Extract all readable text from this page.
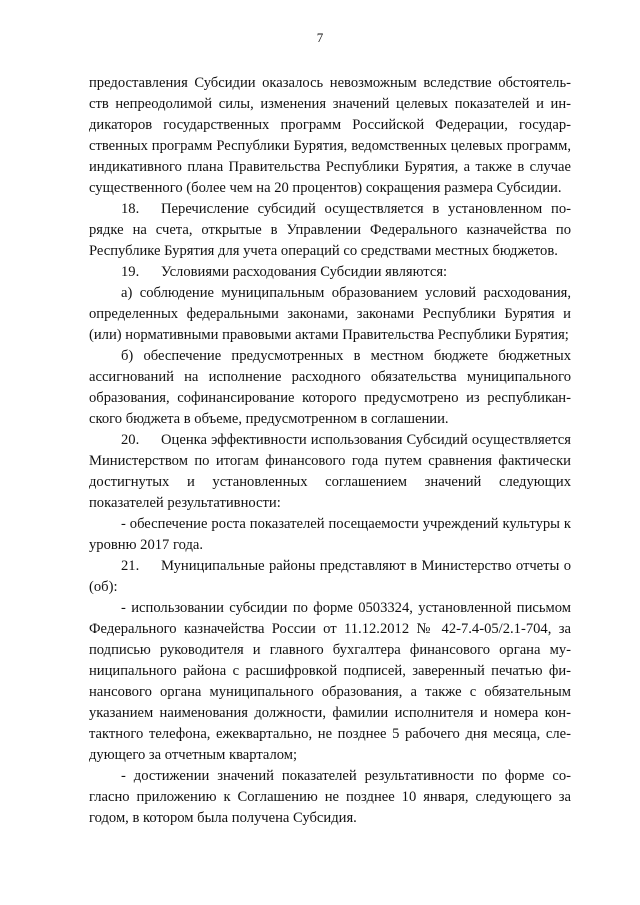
7

предоставления Субсидии оказалось невозможным вследствие обстоятельств непреодолимой силы, изменения значений целевых показателей и индикаторов государственных программ Российской Федерации, государственных программ Республики Бурятия, ведомственных целевых программ, индикативного плана Правительства Республики Бурятия, а также в случае существенного (более чем на 20 процентов) сокращения размера Субсидии.

18. Перечисление субсидий осуществляется в установленном порядке на счета, открытые в Управлении Федерального казначейства по Республике Бурятия для учета операций со средствами местных бюджетов.

19. Условиями расходования Субсидии являются:

а) соблюдение муниципальным образованием условий расходования, определенных федеральными законами, законами Республики Бурятия и (или) нормативными правовыми актами Правительства Республики Бурятия;

б) обеспечение предусмотренных в местном бюджете бюджетных ассигнований на исполнение расходного обязательства муниципального образования, софинансирование которого предусмотрено из республиканского бюджета в объеме, предусмотренном в соглашении.

20. Оценка эффективности использования Субсидий осуществляется Министерством по итогам финансового года путем сравнения фактически достигнутых и установленных соглашением значений следующих показателей результативности:

- обеспечение роста показателей посещаемости учреждений культуры к уровню 2017 года.

21. Муниципальные районы представляют в Министерство отчеты о (об):

- использовании субсидии по форме 0503324, установленной письмом Федерального казначейства России от 11.12.2012 № 42-7.4-05/2.1-704, за подписью руководителя и главного бухгалтера финансового органа муниципального района с расшифровкой подписей, заверенный печатью финансового органа муниципального образования, а также с обязательным указанием наименования должности, фамилии исполнителя и номера контактного телефона, ежеквартально, не позднее 5 рабочего дня месяца, следующего за отчетным кварталом;

- достижении значений показателей результативности по форме согласно приложению к Соглашению не позднее 10 января, следующего за годом, в котором была получена Субсидия.
